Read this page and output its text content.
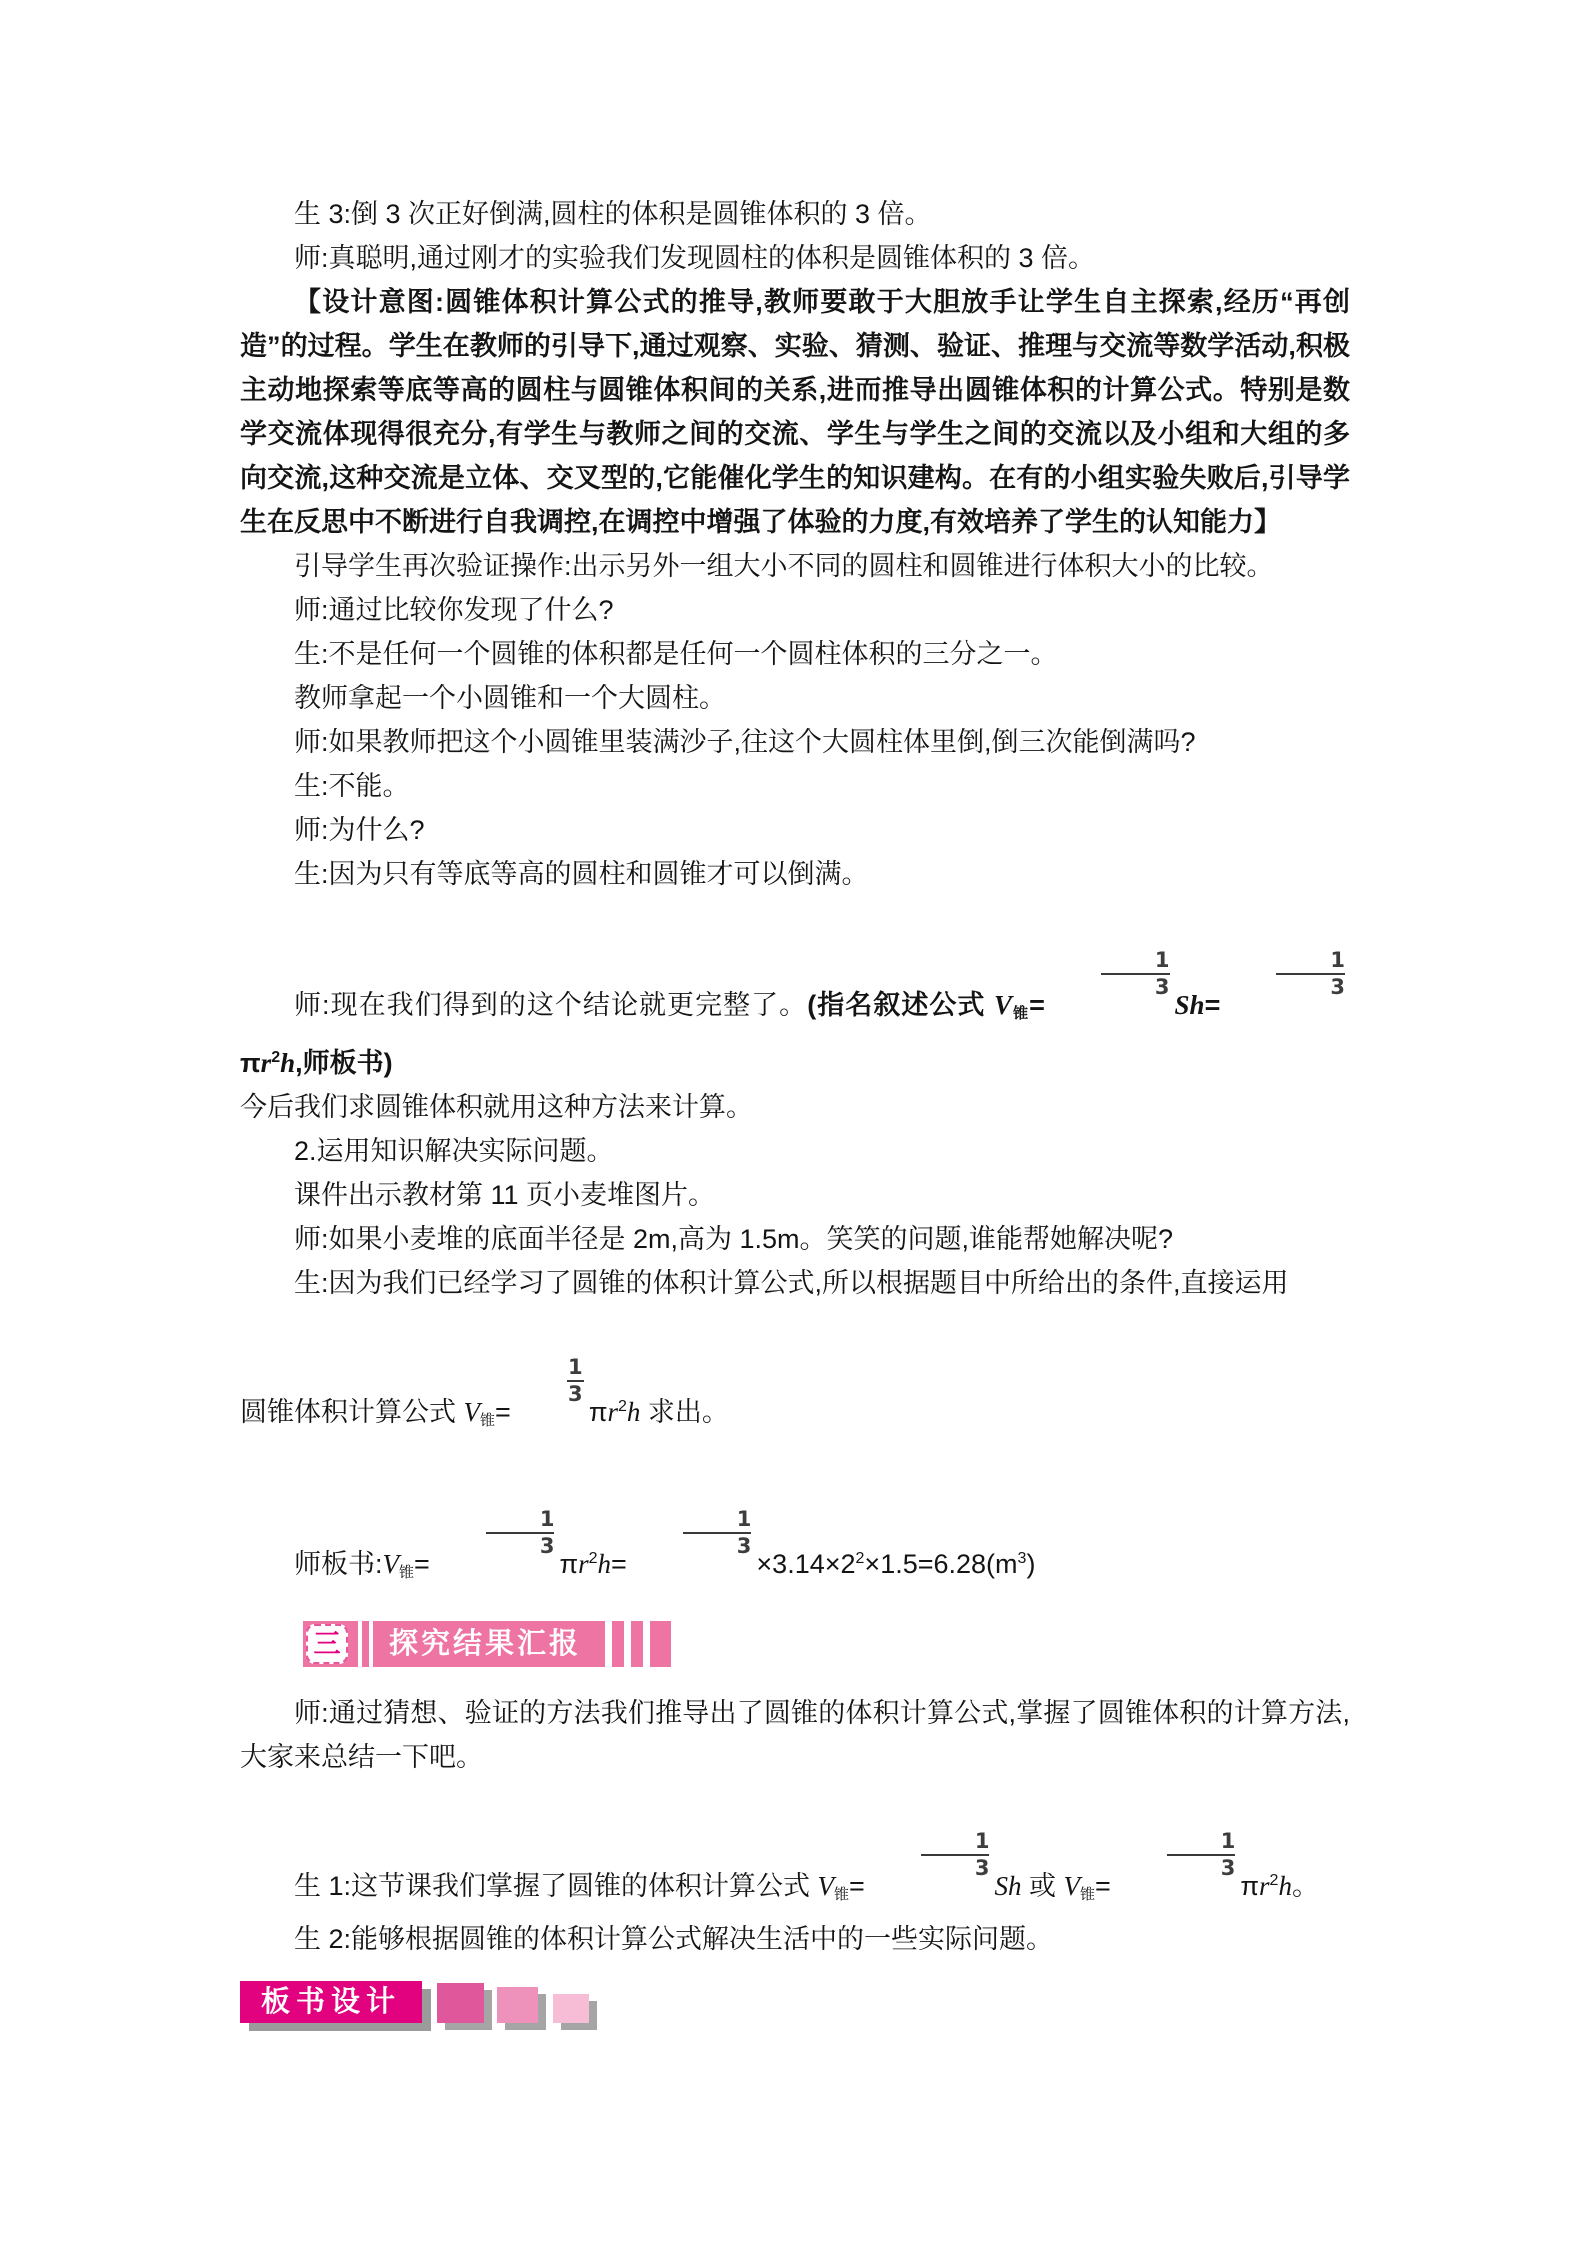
生 3:倒 3 次正好倒满,圆柱的体积是圆锥体积的 3 倍。

师:真聪明,通过刚才的实验我们发现圆柱的体积是圆锥体积的 3 倍。

【设计意图:圆锥体积计算公式的推导,教师要敢于大胆放手让学生自主探索,经历“再创造”的过程。学生在教师的引导下,通过观察、实验、猜测、验证、推理与交流等数学活动,积极主动地探索等底等高的圆柱与圆锥体积间的关系,进而推导出圆锥体积的计算公式。特别是数学交流体现得很充分,有学生与教师之间的交流、学生与学生之间的交流以及小组和大组的多向交流,这种交流是立体、交叉型的,它能催化学生的知识建构。在有的小组实验失败后,引导学生在反思中不断进行自我调控,在调控中增强了体验的力度,有效培养了学生的认知能力】

引导学生再次验证操作:出示另外一组大小不同的圆柱和圆锥进行体积大小的比较。

师:通过比较你发现了什么?

生:不是任何一个圆锥的体积都是任何一个圆柱体积的三分之一。

教师拿起一个小圆锥和一个大圆柱。

师:如果教师把这个小圆锥里装满沙子,往这个大圆柱体里倒,倒三次能倒满吗?

生:不能。

师:为什么?

生:因为只有等底等高的圆柱和圆锥才可以倒满。

师:现在我们得到的这个结论就更完整了。(指名叙述公式 V锥=
$\frac{1}{3}$
Sh=
$\frac{1}{3}$
$\pi r^2h$,师板书)

今后我们求圆锥体积就用这种方法来计算。

2.运用知识解决实际问题。

课件出示教材第 11 页小麦堆图片。

师:如果小麦堆的底面半径是 2m,高为 1.5m。笑笑的问题,谁能帮她解决呢?

生:因为我们已经学习了圆锥的体积计算公式,所以根据题目中所给出的条件,直接运用

圆锥体积计算公式 V锥=
$\frac{1}{3}$
$\pi r^2h$ 求出。

师板书:V锥=
$\frac{1}{3}$
$\pi r^2h=$
$\frac{1}{3}$
$\times 3.14\times 2^2\times 1.5=6.28(m^3)$

三 探究结果汇报

师:通过猜想、验证的方法我们推导出了圆锥的体积计算公式,掌握了圆锥体积的计算方法,大家来总结一下吧。

生 1:这节课我们掌握了圆锥的体积计算公式 V锥=
$\frac{1}{3}$
Sh 或 V锥=
$\frac{1}{3}$
$\pi r^2h$。

生 2:能够根据圆锥的体积计算公式解决生活中的一些实际问题。

板书设计
